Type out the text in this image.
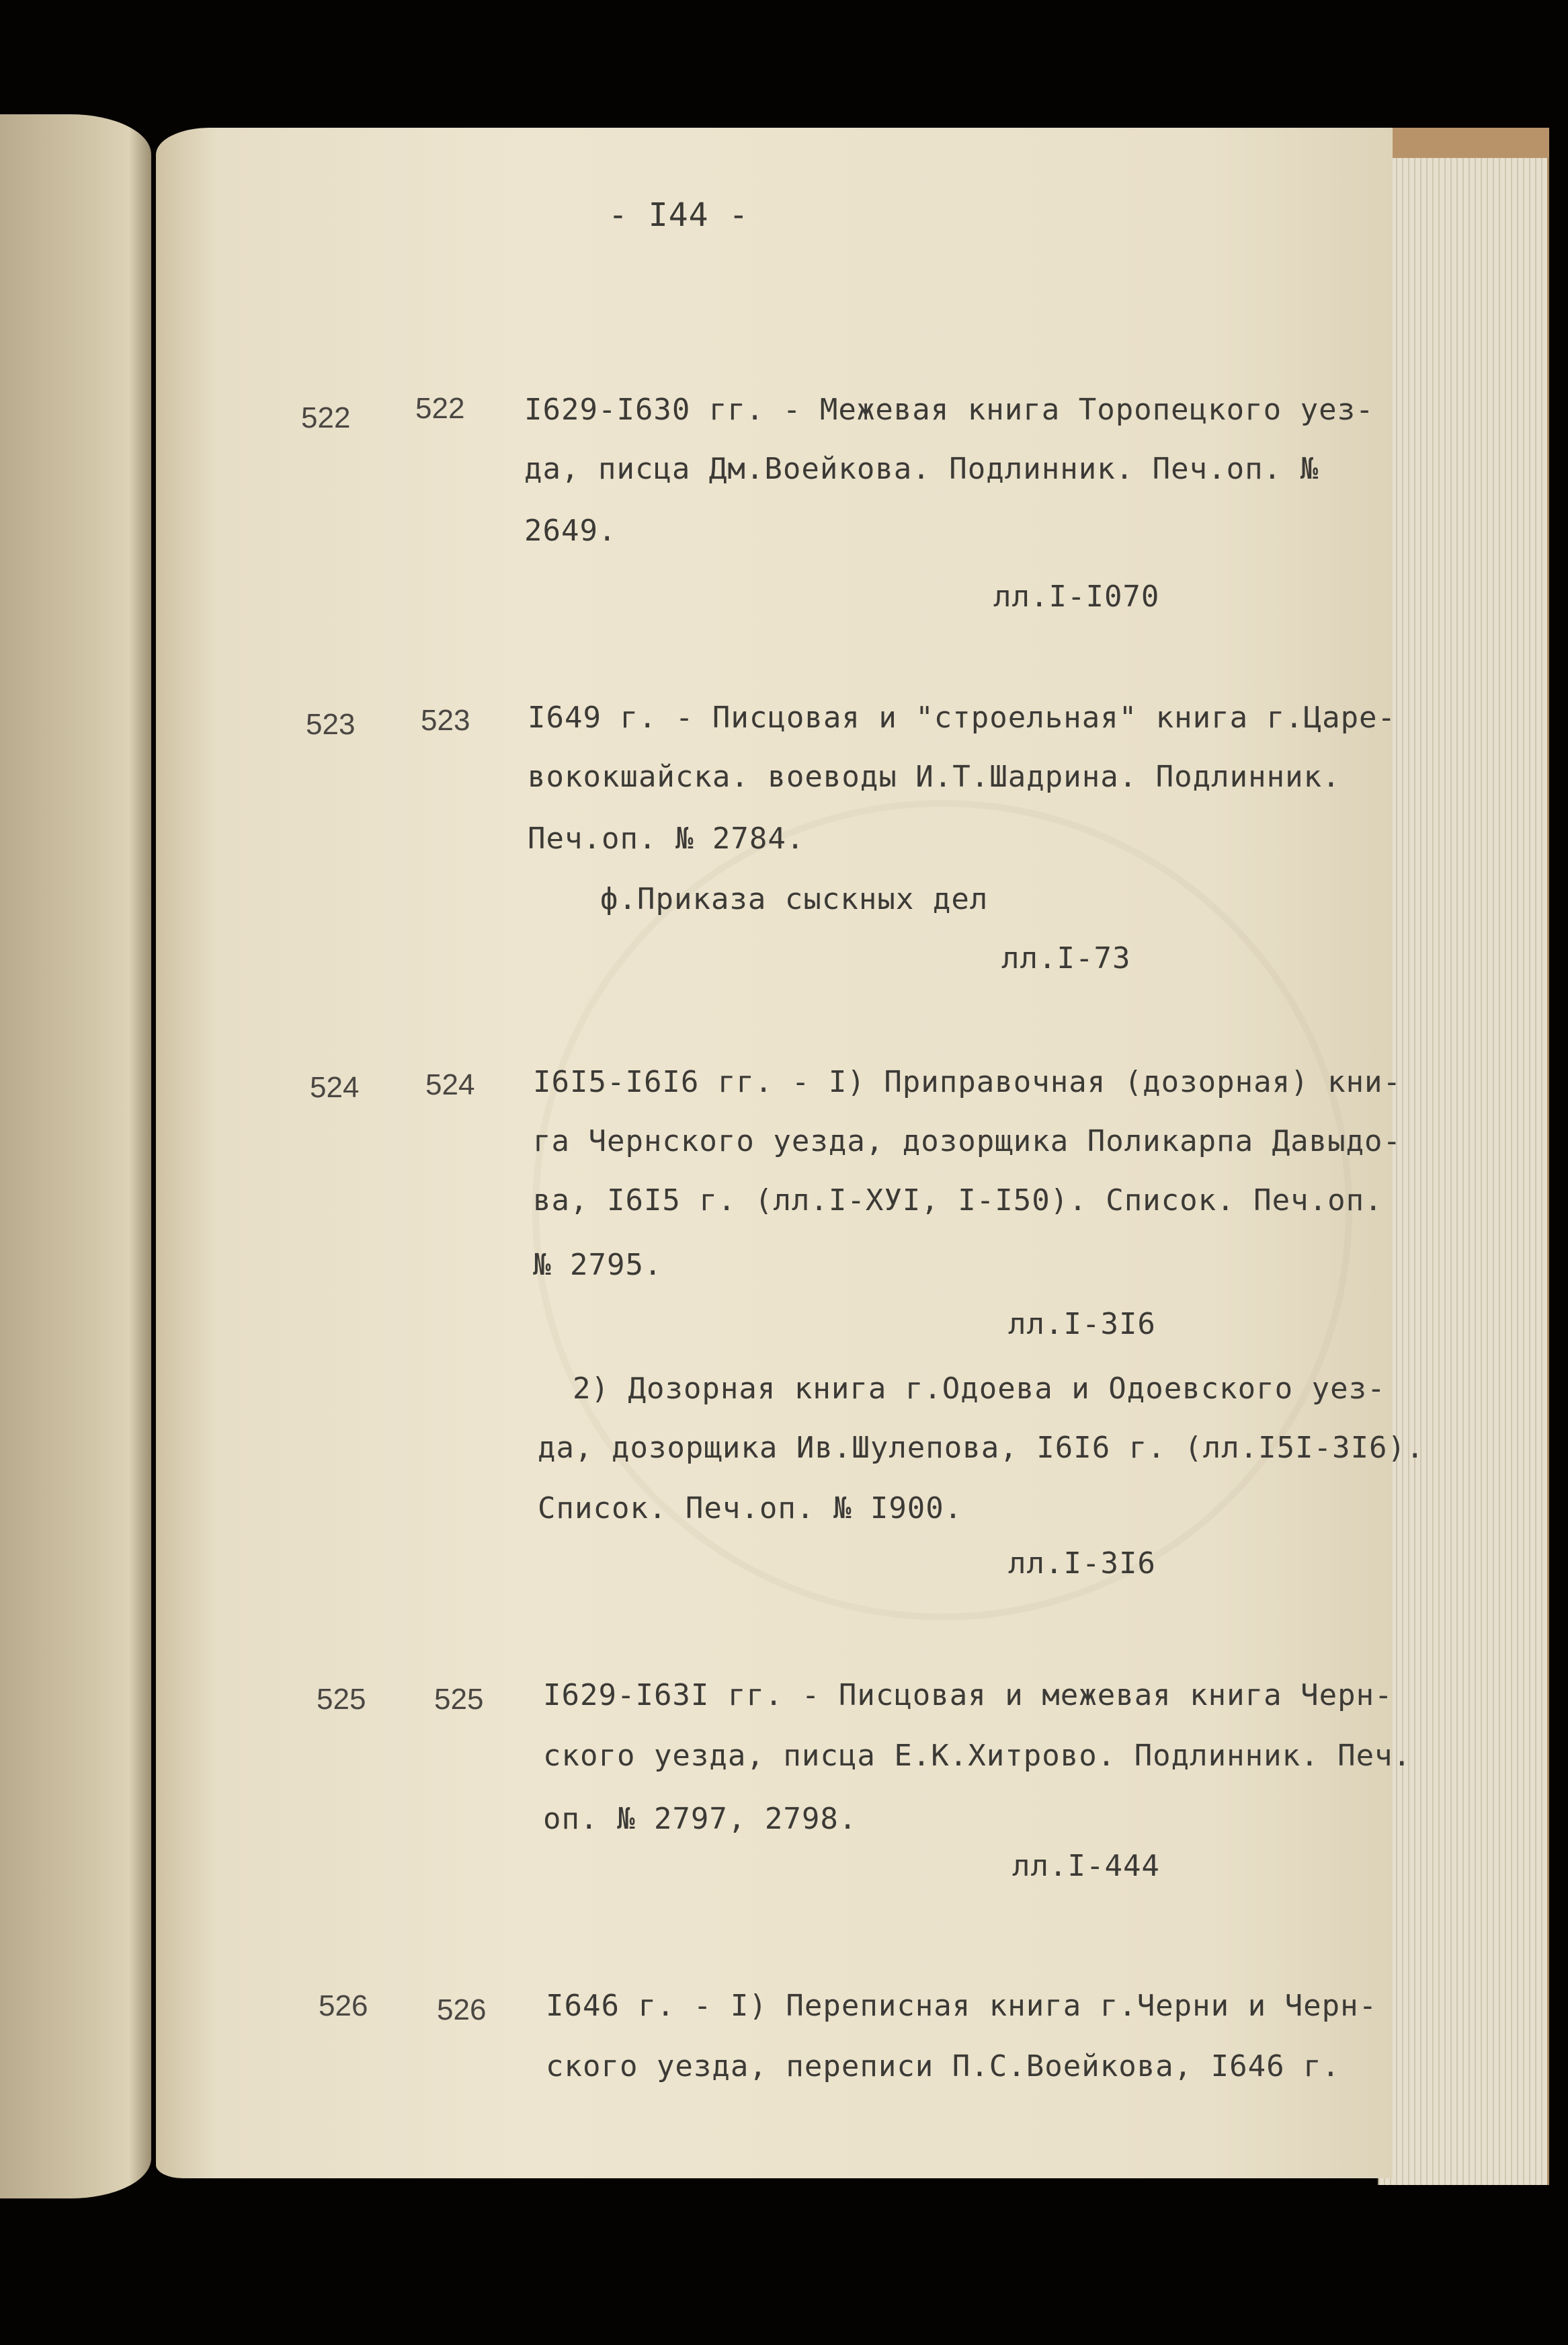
- І44 -
522 522 І629-І630 гг. - Межевая книга Торопецкого уез-
да, писца Дм.Воейкова. Подлинник. Печ.оп. №
2649.
лл.І-І070
523 523 І649 г. - Писцовая и "строельная" книга г.Царе-
вококшайска. воеводы И.Т.Шадрина. Подлинник.
Печ.оп. № 2784.
ф.Приказа сыскных дел
лл.І-73
524 524 І6І5-І6І6 гг. - І) Приправочная (дозорная) кни-
га Чернского уезда, дозорщика Поликарпа Давыдо-
ва, І6І5 г. (лл.І-ХУІ, І-І50). Список. Печ.оп.
№ 2795.
лл.І-3І6
2) Дозорная книга г.Одоева и Одоевского уез-
да, дозорщика Ив.Шулепова, І6І6 г. (лл.І5І-3І6).
Список. Печ.оп. № І900.
лл.І-3І6
525 525 І629-І63І гг. - Писцовая и межевая книга Черн-
ского уезда, писца Е.К.Хитрово. Подлинник. Печ.
оп. № 2797, 2798.
лл.І-444
526 526 І646 г. - І) Переписная книга г.Черни и Черн-
ского уезда, переписи П.С.Воейкова, І646 г.
